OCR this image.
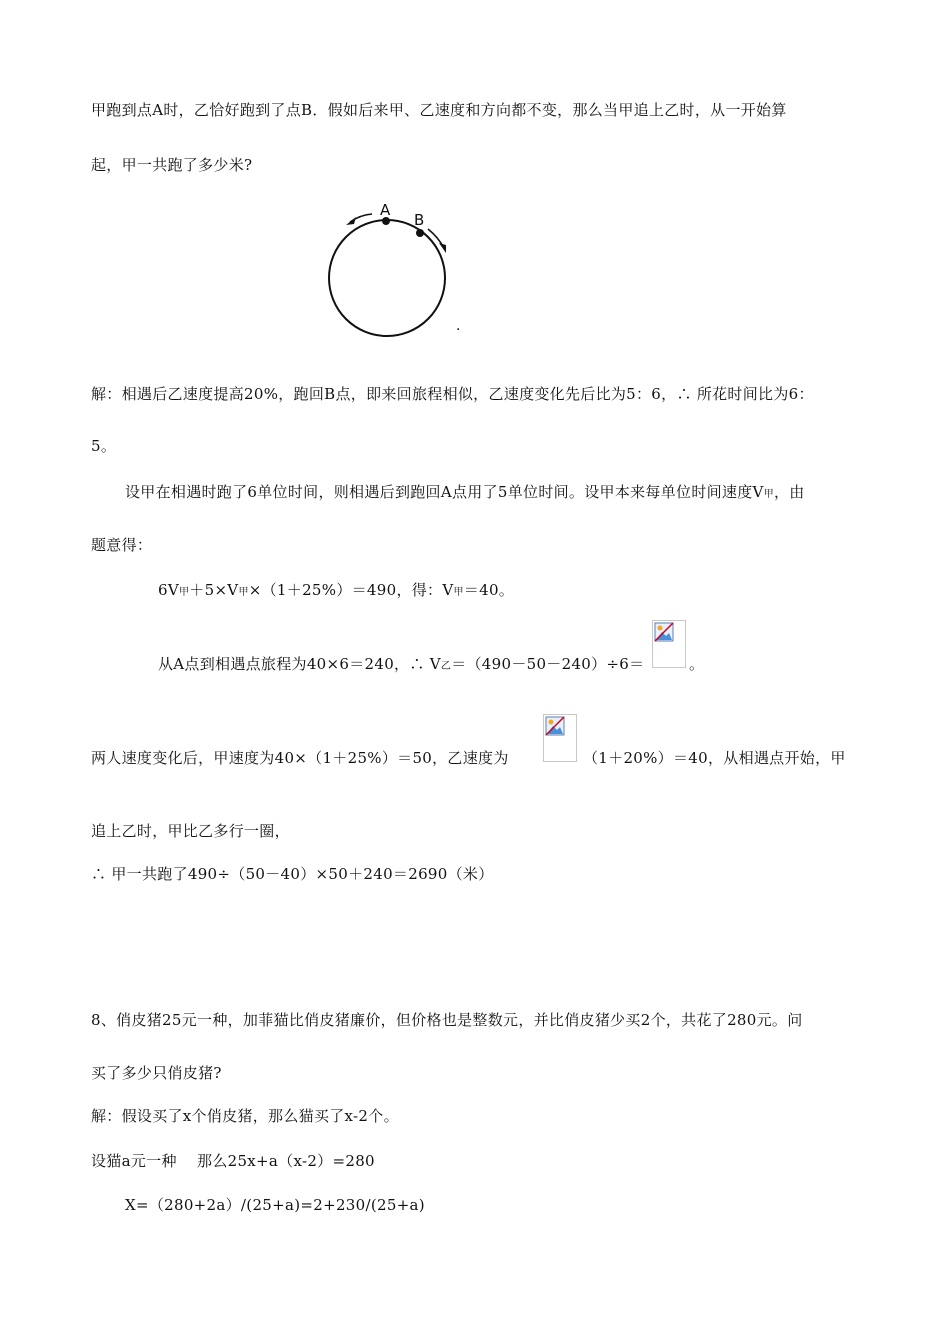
甲跑到点A时，乙恰好跑到了点B．假如后来甲、乙速度和方向都不变，那么当甲追上乙时，从一开始算
起，甲一共跑了多少米?
A
B
.
解：相遇后乙速度提高20%，跑回B点，即来回旅程相似，乙速度变化先后比为5：6，∴ 所花时间比为6：
5。
设甲在相遇时跑了6单位时间，则相遇后到跑回A点用了5单位时间。设甲本来每单位时间速度V甲，由
题意得：
6V甲＋5×V甲×（1＋25%）＝490，得：V甲＝40。
从A点到相遇点旅程为40×6＝240，∴ V乙＝（490－50－240）÷6＝	。
两人速度变化后，甲速度为40×（1＋25%）＝50，乙速度为	（1＋20%）＝40，从相遇点开始，甲
追上乙时，甲比乙多行一圈，
∴ 甲一共跑了490÷（50－40）×50＋240＝2690（米）
8、俏皮猪25元一种，加菲猫比俏皮猪廉价，但价格也是整数元，并比俏皮猪少买2个，共花了280元。问
买了多少只俏皮猪?
解：假设买了x个俏皮猪，那么猫买了x-2个。
设猫a元一种    那么25x+a（x-2）=280
X=（280+2a）/(25+a)=2+230/(25+a)
